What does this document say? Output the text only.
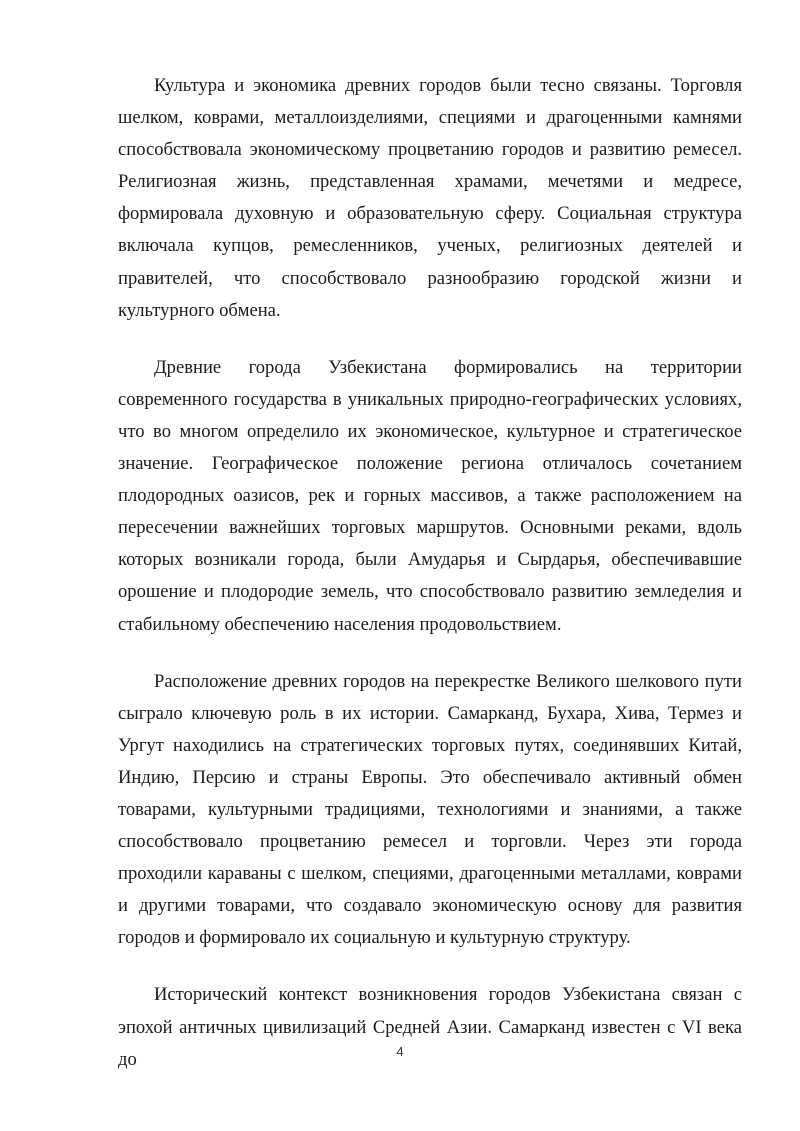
Культура и экономика древних городов были тесно связаны. Торговля шелком, коврами, металлоизделиями, специями и драгоценными камнями способствовала экономическому процветанию городов и развитию ремесел. Религиозная жизнь, представленная храмами, мечетями и медресе, формировала духовную и образовательную сферу. Социальная структура включала купцов, ремесленников, ученых, религиозных деятелей и правителей, что способствовало разнообразию городской жизни и культурного обмена.

Древние города Узбекистана формировались на территории современного государства в уникальных природно-географических условиях, что во многом определило их экономическое, культурное и стратегическое значение. Географическое положение региона отличалось сочетанием плодородных оазисов, рек и горных массивов, а также расположением на пересечении важнейших торговых маршрутов. Основными реками, вдоль которых возникали города, были Амударья и Сырдарья, обеспечивавшие орошение и плодородие земель, что способствовало развитию земледелия и стабильному обеспечению населения продовольствием.

Расположение древних городов на перекрестке Великого шелкового пути сыграло ключевую роль в их истории. Самарканд, Бухара, Хива, Термез и Ургут находились на стратегических торговых путях, соединявших Китай, Индию, Персию и страны Европы. Это обеспечивало активный обмен товарами, культурными традициями, технологиями и знаниями, а также способствовало процветанию ремесел и торговли. Через эти города проходили караваны с шелком, специями, драгоценными металлами, коврами и другими товарами, что создавало экономическую основу для развития городов и формировало их социальную и культурную структуру.

Исторический контекст возникновения городов Узбекистана связан с эпохой античных цивилизаций Средней Азии. Самарканд известен с VI века до	4
